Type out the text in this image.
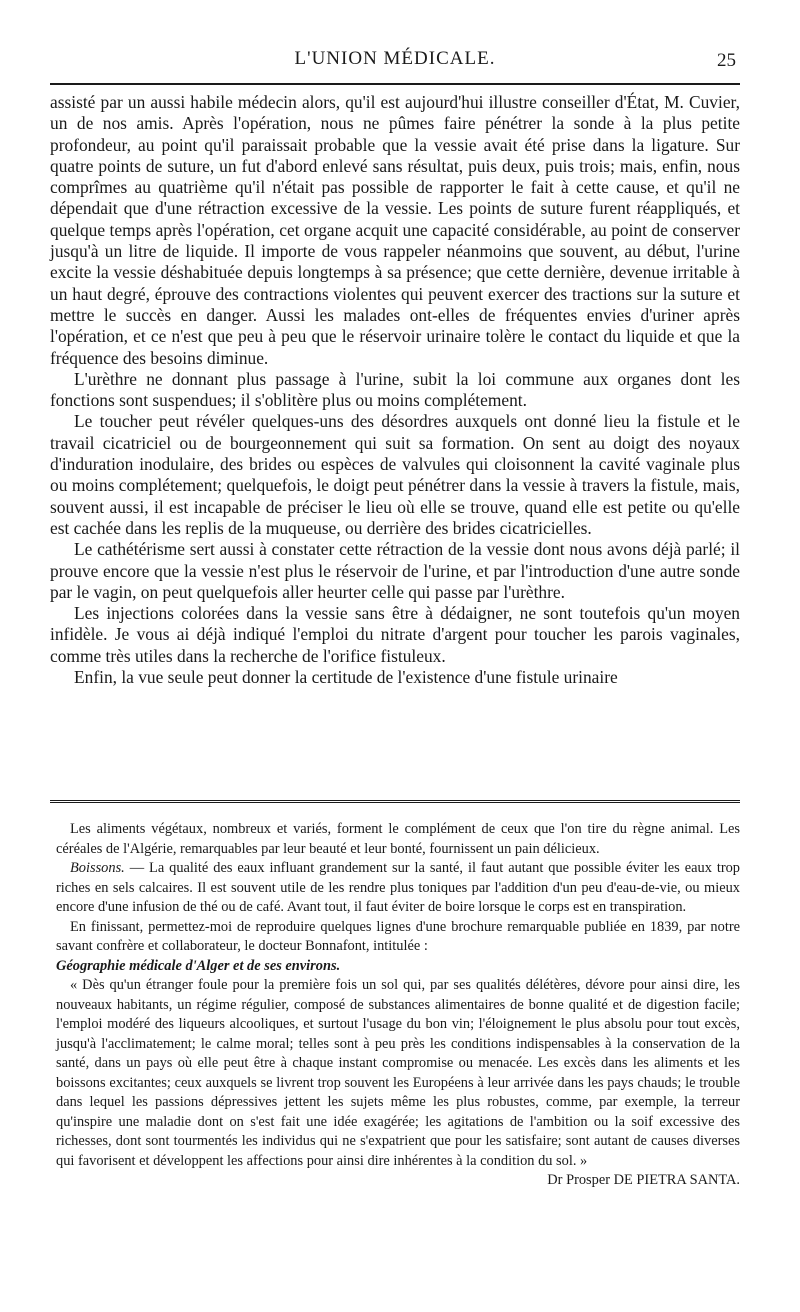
L'UNION MÉDICALE.	25

assisté par un aussi habile médecin alors, qu'il est aujourd'hui illustre conseiller d'État, M. Cuvier, un de nos amis. Après l'opération, nous ne pûmes faire pénétrer la sonde à la plus petite profondeur, au point qu'il paraissait probable que la vessie avait été prise dans la ligature. Sur quatre points de suture, un fut d'abord enlevé sans résultat, puis deux, puis trois; mais, enfin, nous comprîmes au quatrième qu'il n'était pas possible de rapporter le fait à cette cause, et qu'il ne dépendait que d'une rétraction excessive de la vessie. Les points de suture furent réappliqués, et quelque temps après l'opération, cet organe acquit une capacité considérable, au point de conserver jusqu'à un litre de liquide. Il importe de vous rappeler néanmoins que souvent, au début, l'urine excite la vessie déshabituée depuis longtemps à sa présence; que cette dernière, devenue irritable à un haut degré, éprouve des contractions violentes qui peuvent exercer des tractions sur la suture et mettre le succès en danger. Aussi les malades ont-elles de fréquentes envies d'uriner après l'opération, et ce n'est que peu à peu que le réservoir urinaire tolère le contact du liquide et que la fréquence des besoins diminue.

L'urèthre ne donnant plus passage à l'urine, subit la loi commune aux organes dont les fonctions sont suspendues; il s'oblitère plus ou moins complétement.

Le toucher peut révéler quelques-uns des désordres auxquels ont donné lieu la fistule et le travail cicatriciel ou de bourgeonnement qui suit sa formation. On sent au doigt des noyaux d'induration inodulaire, des brides ou espèces de valvules qui cloisonnent la cavité vaginale plus ou moins complétement; quelquefois, le doigt peut pénétrer dans la vessie à travers la fistule, mais, souvent aussi, il est incapable de préciser le lieu où elle se trouve, quand elle est petite ou qu'elle est cachée dans les replis de la muqueuse, ou derrière des brides cicatricielles.

Le cathétérisme sert aussi à constater cette rétraction de la vessie dont nous avons déjà parlé; il prouve encore que la vessie n'est plus le réservoir de l'urine, et par l'introduction d'une autre sonde par le vagin, on peut quelquefois aller heurter celle qui passe par l'urèthre.

Les injections colorées dans la vessie sans être à dédaigner, ne sont toutefois qu'un moyen infidèle. Je vous ai déjà indiqué l'emploi du nitrate d'argent pour toucher les parois vaginales, comme très utiles dans la recherche de l'orifice fistuleux.

Enfin, la vue seule peut donner la certitude de l'existence d'une fistule urinaire

Les aliments végétaux, nombreux et variés, forment le complément de ceux que l'on tire du règne animal. Les céréales de l'Algérie, remarquables par leur beauté et leur bonté, fournissent un pain délicieux.

Boissons. — La qualité des eaux influant grandement sur la santé, il faut autant que possible éviter les eaux trop riches en sels calcaires. Il est souvent utile de les rendre plus toniques par l'addition d'un peu d'eau-de-vie, ou mieux encore d'une infusion de thé ou de café. Avant tout, il faut éviter de boire lorsque le corps est en transpiration.

En finissant, permettez-moi de reproduire quelques lignes d'une brochure remarquable publiée en 1839, par notre savant confrère et collaborateur, le docteur Bonnafont, intitulée :

Géographie médicale d'Alger et de ses environs.

« Dès qu'un étranger foule pour la première fois un sol qui, par ses qualités délétères, dévore pour ainsi dire, les nouveaux habitants, un régime régulier, composé de substances alimentaires de bonne qualité et de digestion facile; l'emploi modéré des liqueurs alcooliques, et surtout l'usage du bon vin; l'éloignement le plus absolu pour tout excès, jusqu'à l'acclimatement; le calme moral; telles sont à peu près les conditions indispensables à la conservation de la santé, dans un pays où elle peut être à chaque instant compromise ou menacée. Les excès dans les aliments et les boissons excitantes; ceux auxquels se livrent trop souvent les Européens à leur arrivée dans les pays chauds; le trouble dans lequel les passions dépressives jettent les sujets même les plus robustes, comme, par exemple, la terreur qu'inspire une maladie dont on s'est fait une idée exagérée; les agitations de l'ambition ou la soif excessive des richesses, dont sont tourmentés les individus qui ne s'expatrient que pour les satisfaire; sont autant de causes diverses qui favorisent et développent les affections pour ainsi dire inhérentes à la condition du sol. »

Dr Prosper DE PIETRA SANTA.
